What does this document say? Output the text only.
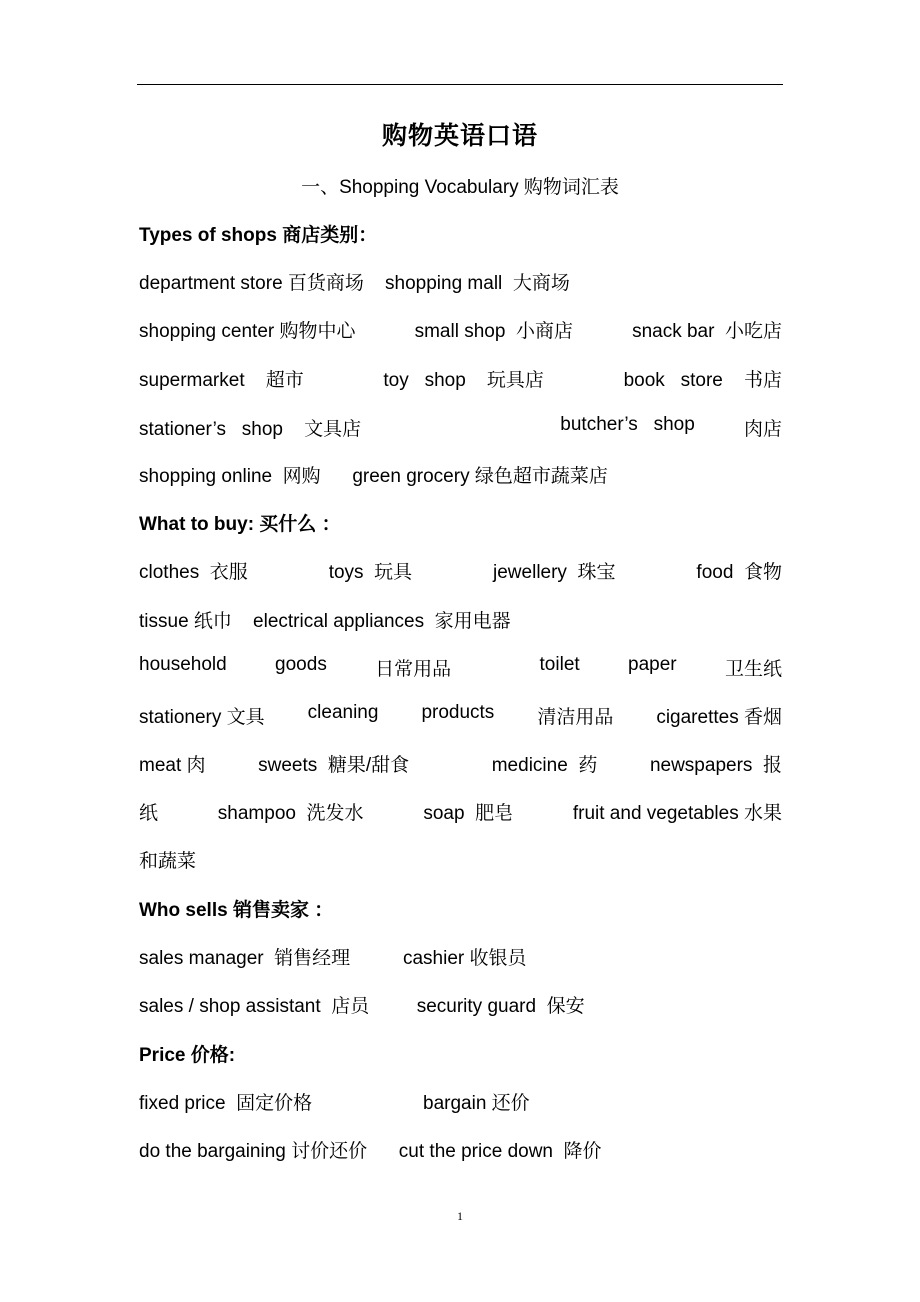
购物英语口语
一、Shopping Vocabulary 购物词汇表
Types of shops 商店类别：
department store 百货商场    shopping mall  大商场
shopping center 购物中心	small shop  小商店	snack bar  小吃店
supermarket    超市	toy   shop    玩具店	book   store    书店
stationer’s   shop    文具店	butcher’s   shop	肉店
shopping online  网购      green grocery 绿色超市蔬菜店
What to buy: 买什么 ：
clothes  衣服	toys  玩具	jewellery  珠宝	food  食物
tissue 纸巾    electrical appliances  家用电器
household	goods	日常用品	toilet	paper	卫生纸
stationery 文具 cleaning products 清洁用品 cigarettes 香烟
meat 肉	sweets  糖果/甜食	medicine  药	newspapers  报
纸	shampoo  洗发水	soap  肥皂	fruit and vegetables 水果
和蔬菜
Who sells 销售卖家 ：
sales manager  销售经理          cashier 收银员
sales / shop assistant  店员         security guard  保安
Price 价格:
fixed price  固定价格                     bargain 还价
do the bargaining 讨价还价      cut the price down  降价
1
